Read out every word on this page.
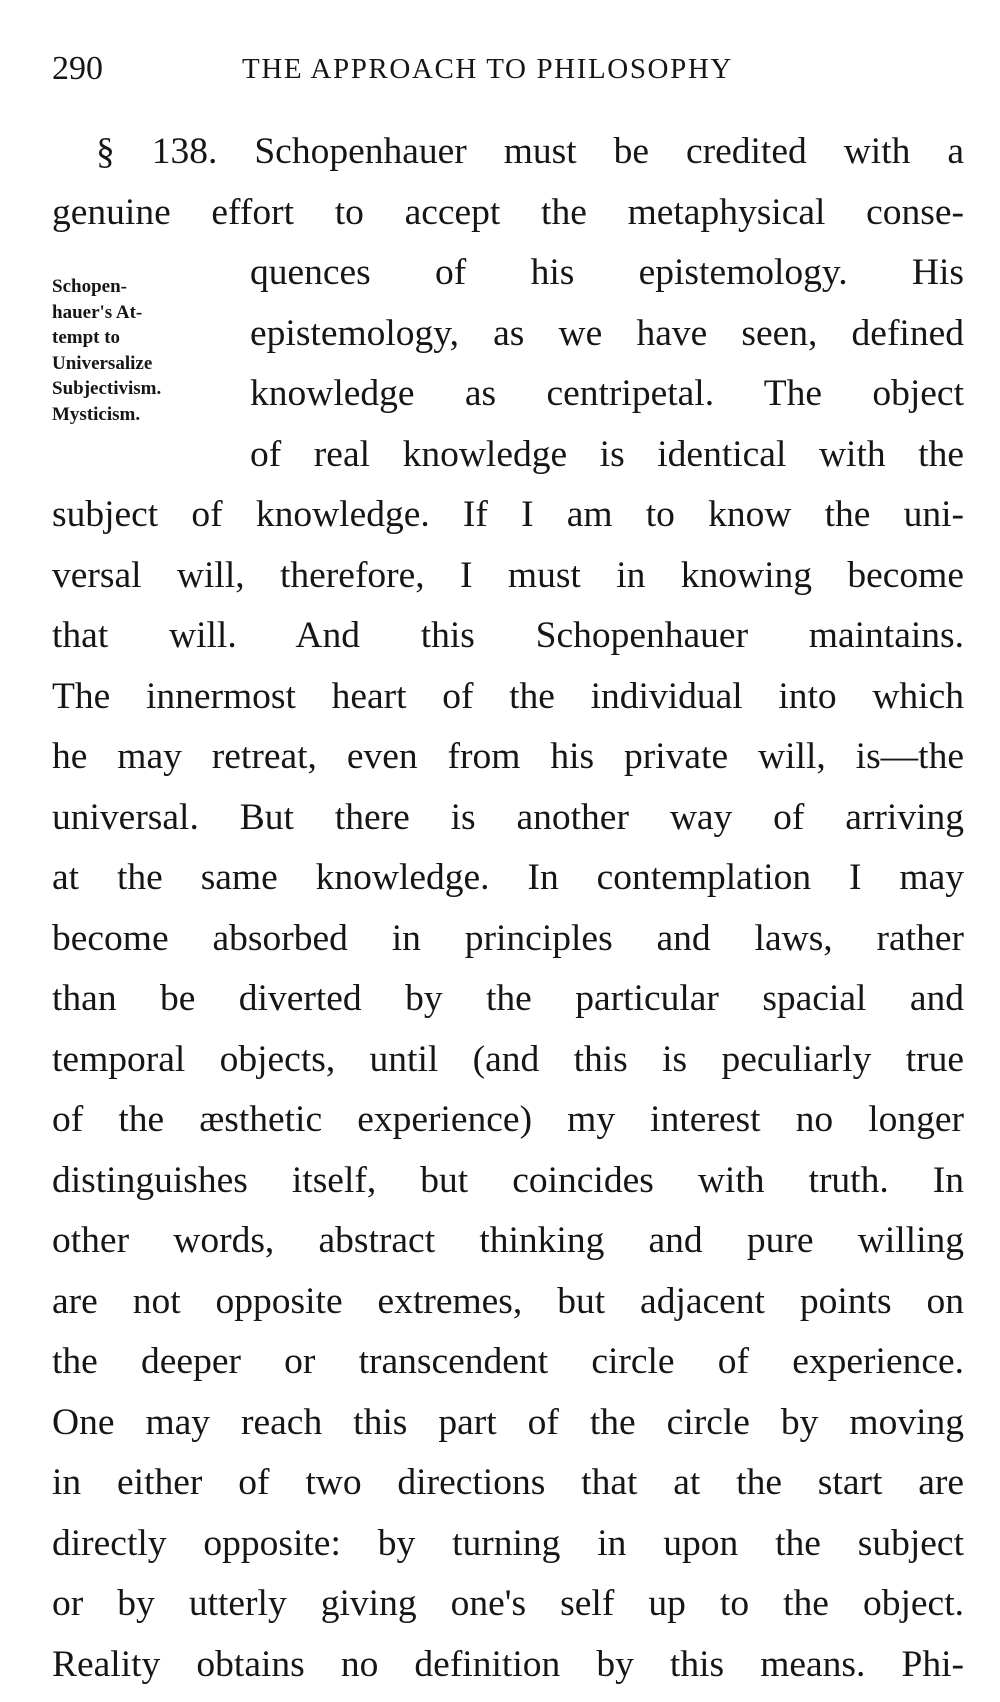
290	THE APPROACH TO PHILOSOPHY
Schopen-
hauer's At-
tempt to
Universalize
Subjectivism.
Mysticism.
§ 138. Schopenhauer must be credited with a
genuine effort to accept the metaphysical conse-
quences of his epistemology. His
epistemology, as we have seen, defined
knowledge as centripetal. The object
of real knowledge is identical with the
subject of knowledge. If I am to know the uni-
versal will, therefore, I must in knowing become
that will. And this Schopenhauer maintains.
The innermost heart of the individual into which
he may retreat, even from his private will, is—the
universal. But there is another way of arriving
at the same knowledge. In contemplation I may
become absorbed in principles and laws, rather
than be diverted by the particular spacial and
temporal objects, until (and this is peculiarly true
of the æsthetic experience) my interest no longer
distinguishes itself, but coincides with truth. In
other words, abstract thinking and pure willing
are not opposite extremes, but adjacent points on
the deeper or transcendent circle of experience.
One may reach this part of the circle by moving
in either of two directions that at the start are
directly opposite: by turning in upon the subject
or by utterly giving one's self up to the object.
Reality obtains no definition by this means. Phi-
